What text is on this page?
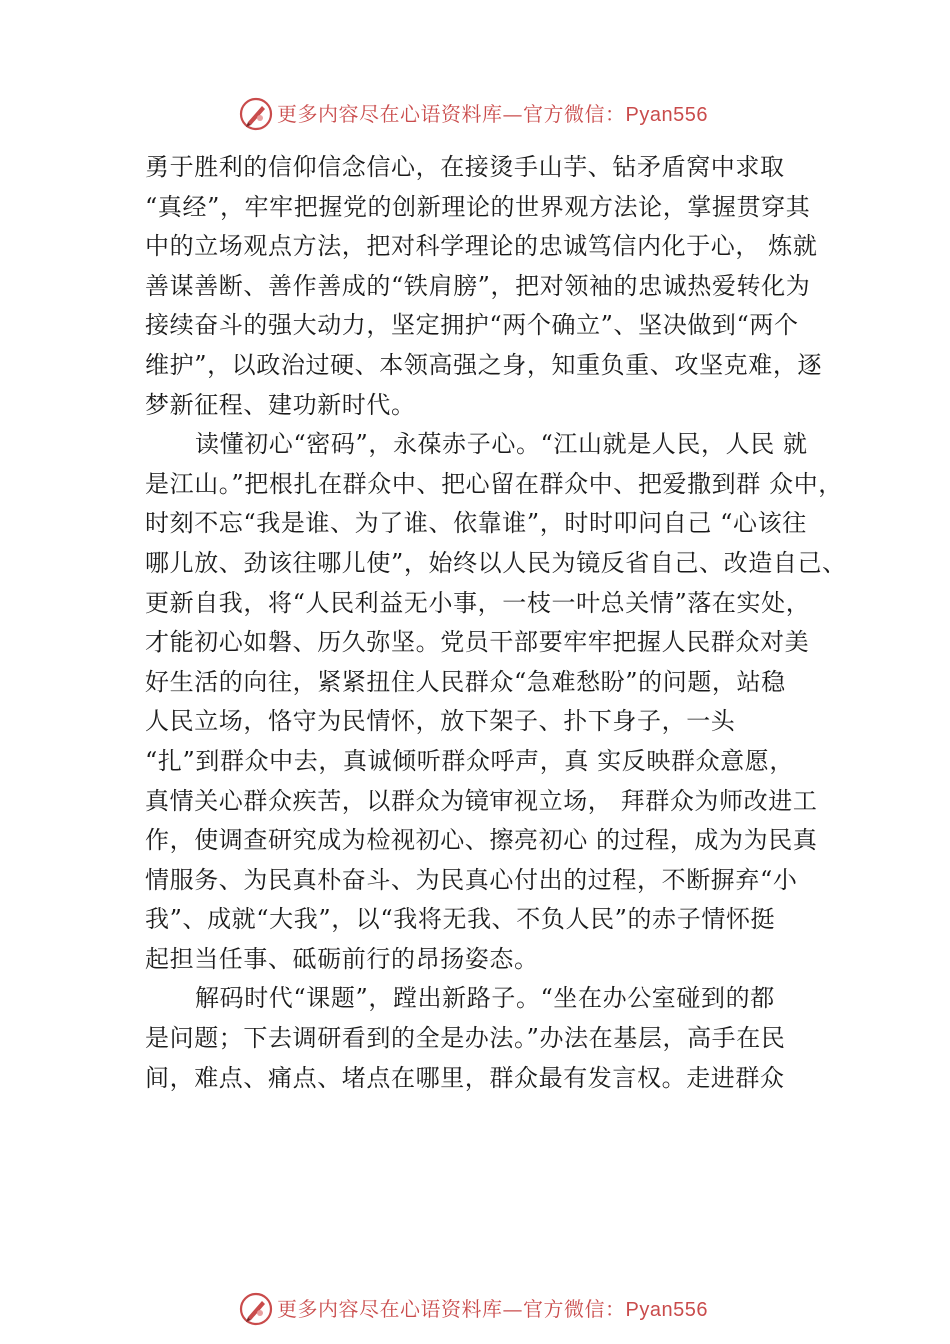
更多内容尽在心语资料库—官方微信：Pyan556
勇于胜利的信仰信念信心，在接烫手山芋、钻矛盾窝中求取
“真经”，牢牢把握党的创新理论的世界观方法论，掌握贯穿其
中的立场观点方法，把对科学理论的忠诚笃信内化于心， 炼就
善谋善断、善作善成的“铁肩膀”，把对领袖的忠诚热爱转化为
接续奋斗的强大动力，坚定拥护“两个确立”、坚决做到“两个
维护”，以政治过硬、本领高强之身，知重负重、攻坚克难，逐
梦新征程、建功新时代。
读懂初心“密码”，永葆赤子心。“江山就是人民，人民 就
是江山。”把根扎在群众中、把心留在群众中、把爱撒到群 众中，
时刻不忘“我是谁、为了谁、依靠谁”，时时叩问自己 “心该往
哪儿放、劲该往哪儿使”，始终以人民为镜反省自己、改造自己、
更新自我，将“人民利益无小事，一枝一叶总关情”落在实处，
才能初心如磐、历久弥坚。党员干部要牢牢把握人民群众对美
好生活的向往，紧紧扭住人民群众“急难愁盼”的问题，站稳
人民立场，恪守为民情怀，放下架子、扑下身子，一头
“扎”到群众中去，真诚倾听群众呼声，真 实反映群众意愿，
真情关心群众疾苦，以群众为镜审视立场， 拜群众为师改进工
作，使调查研究成为检视初心、擦亮初心 的过程，成为为民真
情服务、为民真朴奋斗、为民真心付出的过程，不断摒弃“小
我”、成就“大我”，以“我将无我、不负人民”的赤子情怀挺
起担当任事、砥砺前行的昂扬姿态。
解码时代“课题”，蹚出新路子。“坐在办公室碰到的都
是问题；下去调研看到的全是办法。”办法在基层，高手在民
间，难点、痛点、堵点在哪里，群众最有发言权。走进群众
更多内容尽在心语资料库—官方微信：Pyan556
